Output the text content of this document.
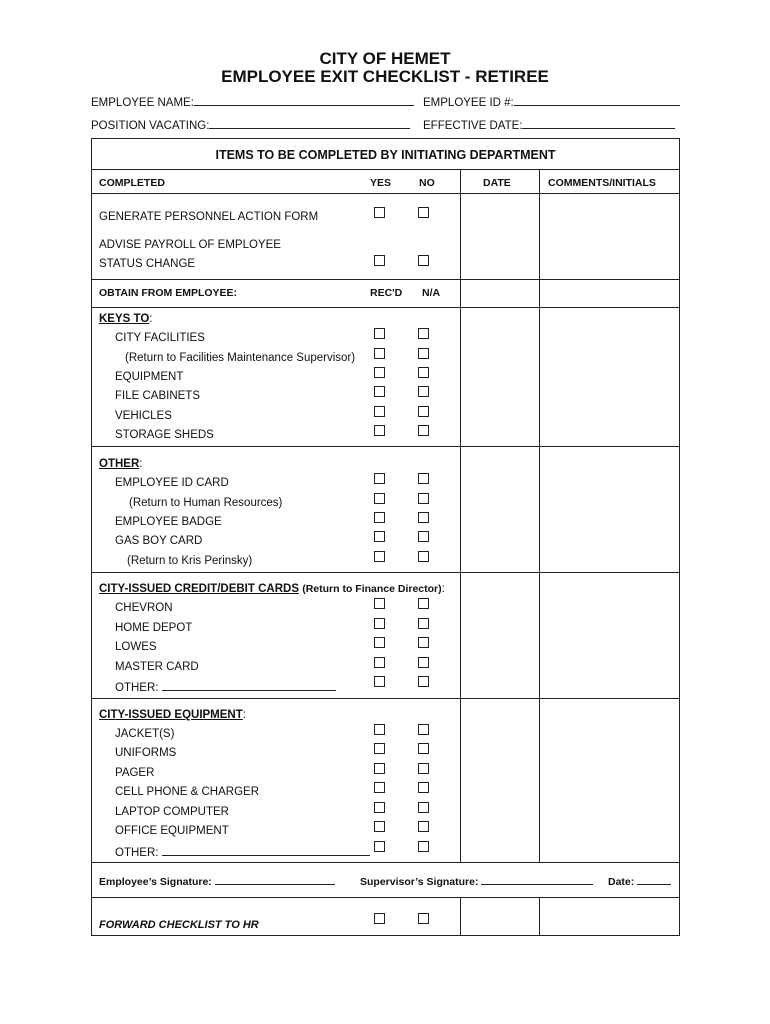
CITY OF HEMET
EMPLOYEE EXIT CHECKLIST - RETIREE
EMPLOYEE NAME:	EMPLOYEE ID #:
POSITION VACATING:	EFFECTIVE DATE:
ITEMS TO BE COMPLETED BY INITIATING DEPARTMENT
COMPLETED	YES	NO	DATE	COMMENTS/INITIALS
GENERATE PERSONNEL ACTION FORM
ADVISE PAYROLL OF EMPLOYEE
STATUS CHANGE
OBTAIN FROM EMPLOYEE:	REC'D N/A
KEYS TO:
CITY FACILITIES
(Return to Facilities Maintenance Supervisor)
EQUIPMENT
FILE CABINETS
VEHICLES
STORAGE SHEDS
OTHER:
EMPLOYEE ID CARD
(Return to Human Resources)
EMPLOYEE BADGE
GAS BOY CARD
(Return to Kris Perinsky)
CITY-ISSUED CREDIT/DEBIT CARDS (Return to Finance Director):
CHEVRON
HOME DEPOT
LOWES
MASTER CARD
OTHER:
CITY-ISSUED EQUIPMENT:
JACKET(S)
UNIFORMS
PAGER
CELL PHONE & CHARGER
LAPTOP COMPUTER
OFFICE EQUIPMENT
OTHER:
Employee’s Signature:	Supervisor’s Signature:	Date:
FORWARD CHECKLIST TO HR
